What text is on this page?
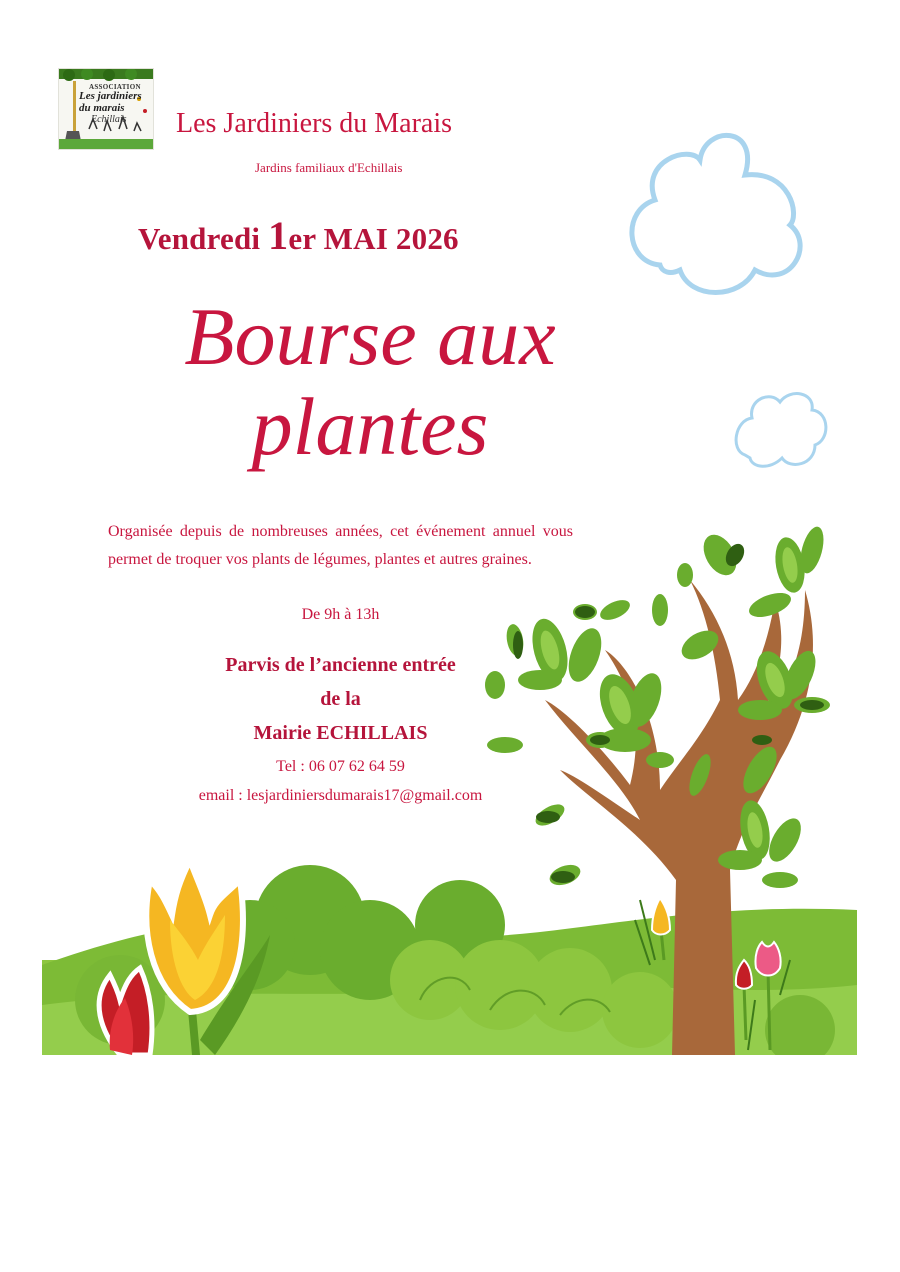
ASSOCIATION
Les jardiniers
du marais
Echillais Les Jardiniers du Marais
Jardins familiaux d'Echillais
Vendredi 1er MAI 2026
Bourse aux
plantes
Organisée depuis de nombreuses années, cet événement annuel vous permet de troquer vos plants de légumes, plantes et autres graines.
De 9h à 13h
Parvis de l’ancienne entrée
de la
Mairie ECHILLAIS
Tel : 06 07 62 64 59
email : lesjardiniersdumarais17@gmail.com
